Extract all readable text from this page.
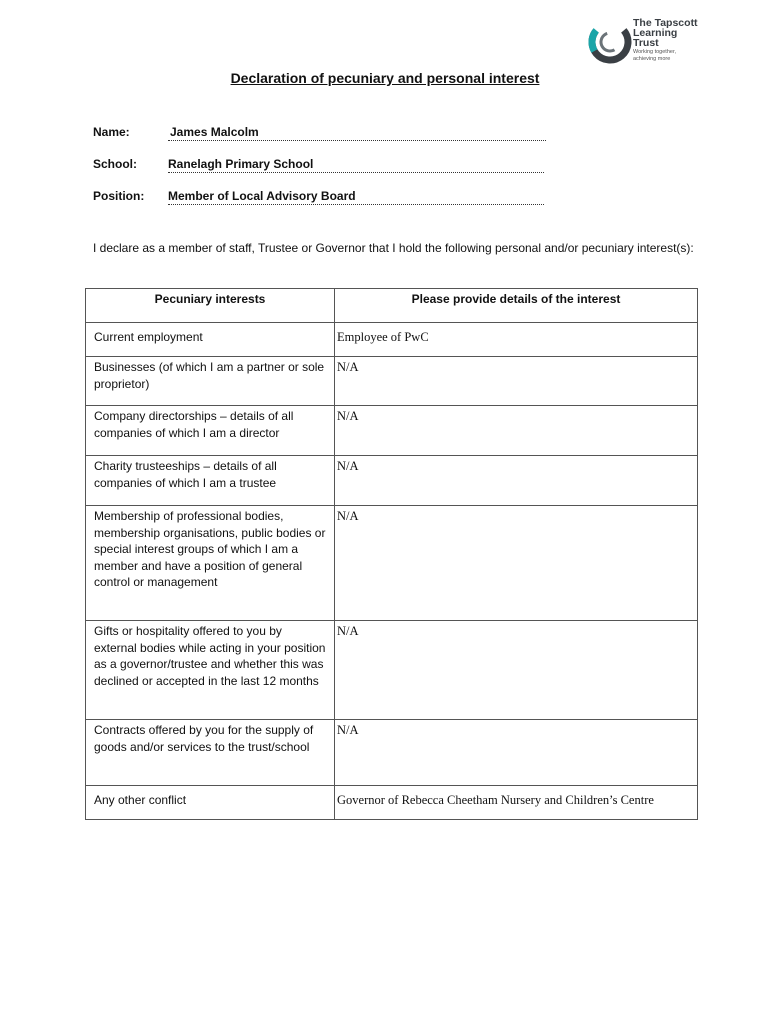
The Tapscott
Learning
Trust
Working together,
achieving more
Declaration of pecuniary and personal interest
Name:	James Malcolm
School:	Ranelagh Primary School
Position: Member of Local Advisory Board
I declare as a member of staff, Trustee or Governor that I hold the following personal and/or pecuniary interest(s):
Pecuniary interests	Please provide details of the interest
Current employment	Employee of PwC
Businesses (of which I am a partner or sole proprietor)	N/A
Company directorships – details of all companies of which I am a director	N/A
Charity trusteeships – details of all companies of which I am a trustee	N/A
Membership of professional bodies, membership organisations, public bodies or special interest groups of which I am a member and have a position of general control or management	N/A
Gifts or hospitality offered to you by external bodies while acting in your position as a governor/trustee and whether this was declined or accepted in the last 12 months	N/A
Contracts offered by you for the supply of goods and/or services to the trust/school	N/A
Any other conflict	Governor of Rebecca Cheetham Nursery and Children’s Centre
